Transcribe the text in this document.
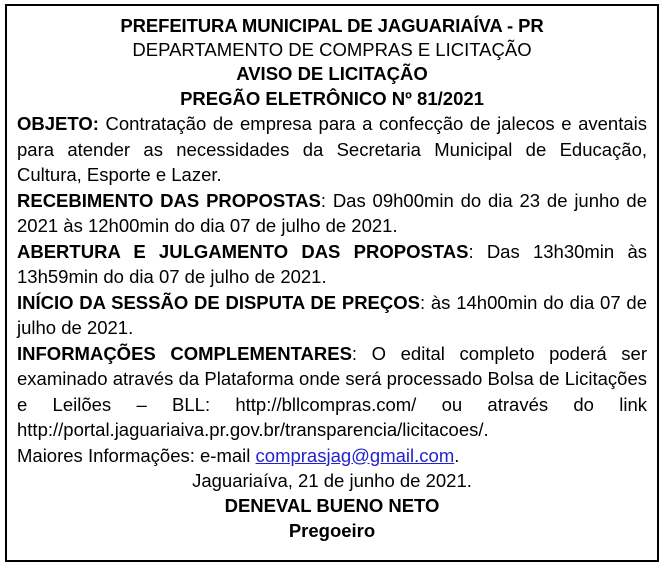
PREFEITURA MUNICIPAL DE JAGUARIAÍVA - PR
DEPARTAMENTO DE COMPRAS E LICITAÇÃO
AVISO DE LICITAÇÃO
PREGÃO ELETRÔNICO Nº 81/2021

OBJETO: Contratação de empresa para a confecção de jalecos e aventais para atender as necessidades da Secretaria Municipal de Educação, Cultura, Esporte e Lazer.

RECEBIMENTO DAS PROPOSTAS: Das 09h00min do dia 23 de junho de 2021 às 12h00min do dia 07 de julho de 2021.

ABERTURA E JULGAMENTO DAS PROPOSTAS: Das 13h30min às 13h59min do dia 07 de julho de 2021.

INÍCIO DA SESSÃO DE DISPUTA DE PREÇOS: às 14h00min do dia 07 de julho de 2021.

INFORMAÇÕES COMPLEMENTARES: O edital completo poderá ser examinado através da Plataforma onde será processado Bolsa de Licitações e Leilões – BLL: http://bllcompras.com/ ou através do link http://portal.jaguariaiva.pr.gov.br/transparencia/licitacoes/.

Maiores Informações: e-mail comprasjag@gmail.com.

Jaguariaíva, 21 de junho de 2021.
DENEVAL BUENO NETO
Pregoeiro
